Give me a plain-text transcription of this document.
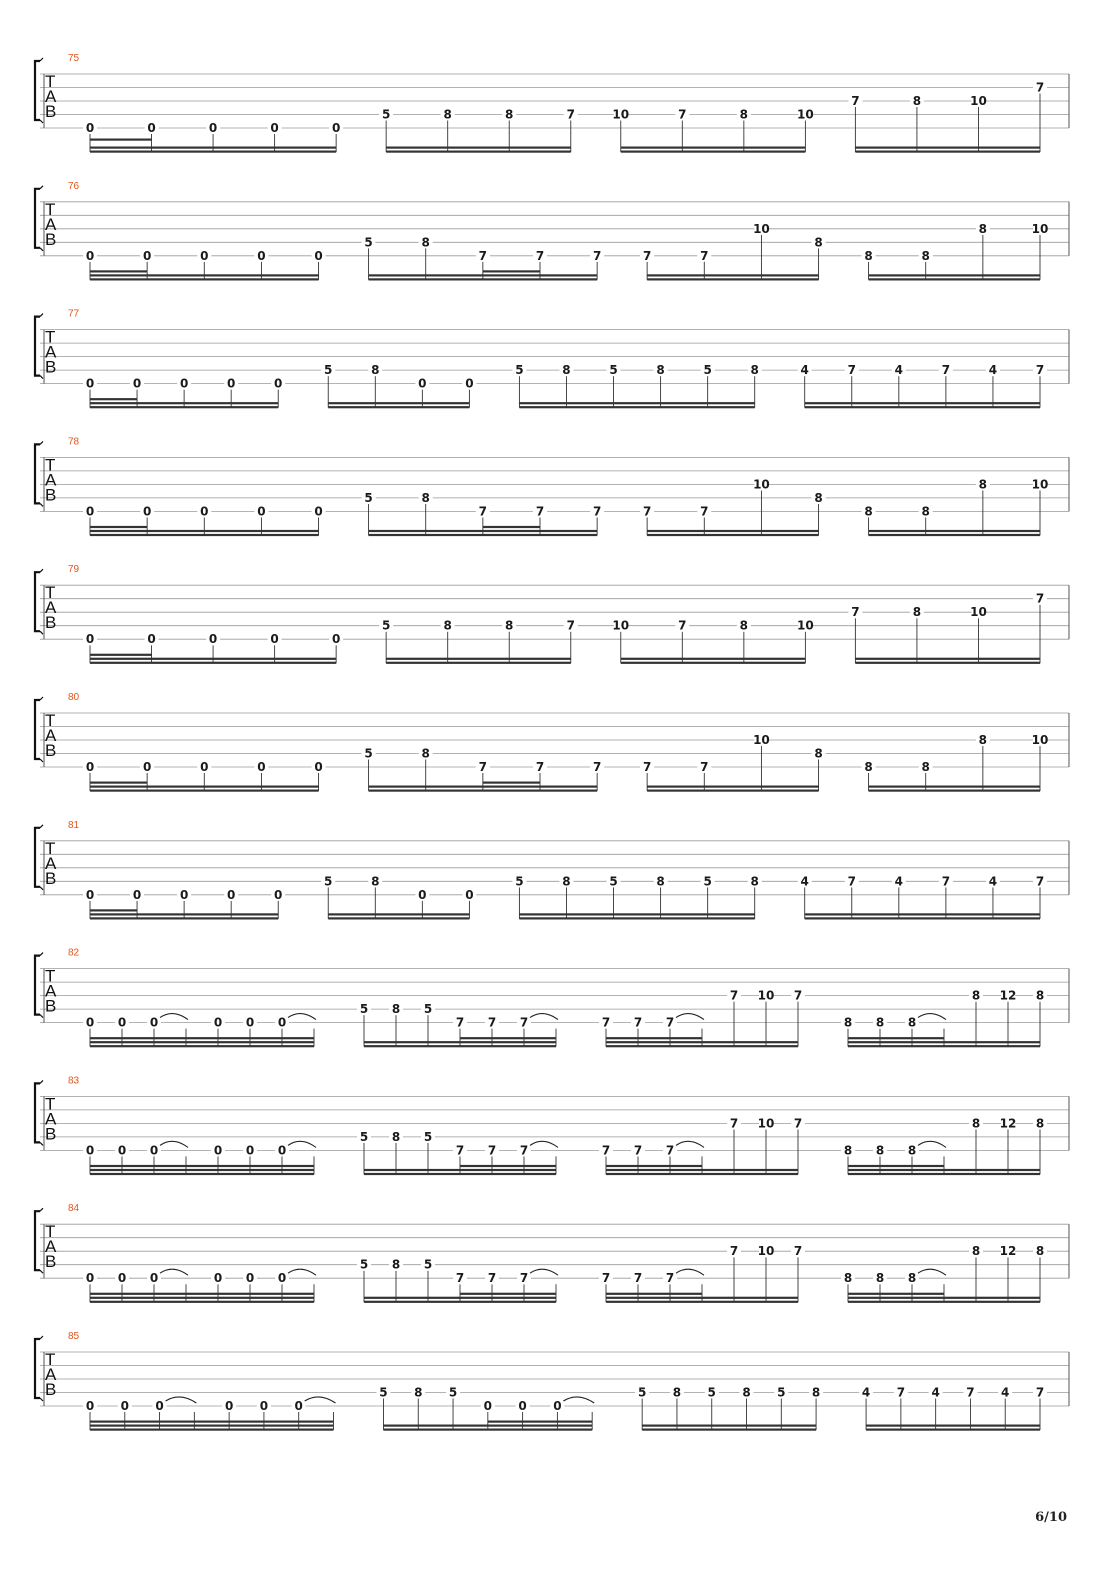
75
T
A
B
0	0	0	0	0
5	8	8	7	10	7	8	10
7	8	10
7
76
T
A
B
0	0	0	0	0
5	8
7	7	7	7	7
10
8
8	8
8	10
77
T
A
B
0	0	0	0	0
5	8
0	0
5	8	5	8	5	8	4	7	4	7	4	7
78
T
A
B
0	0	0	0	0
5	8
7	7	7	7	7
10
8
8	8
8	10
79
T
A
B
0	0	0	0	0
5	8	8	7	10	7	8	10
7	8	10
7
80
T
A
B
0	0	0	0	0
5	8
7	7	7	7	7
10
8
8	8
8	10
81
T
A
B
0	0	0	0	0
5	8
0	0
5	8	5	8	5	8	4	7	4	7	4	7
82
T
A
B
0 0 0	0 0 0
5 8 5
7 7 7	7 7 7
7 10 7
8 8 8
8 12 8
83
T
A
B
0 0 0	0 0 0
5 8 5
7 7 7	7 7 7
7 10 7
8 8 8
8 12 8
84
T
A
B
0 0 0	0 0 0
5 8 5
7 7 7	7 7 7
7 10 7
8 8 8
8 12 8
85
T
A
B
0 0 0	0 0 0
5 8 5
0 0 0
5 8 5 8 5 8	4 7 4 7 4 7
6/10
